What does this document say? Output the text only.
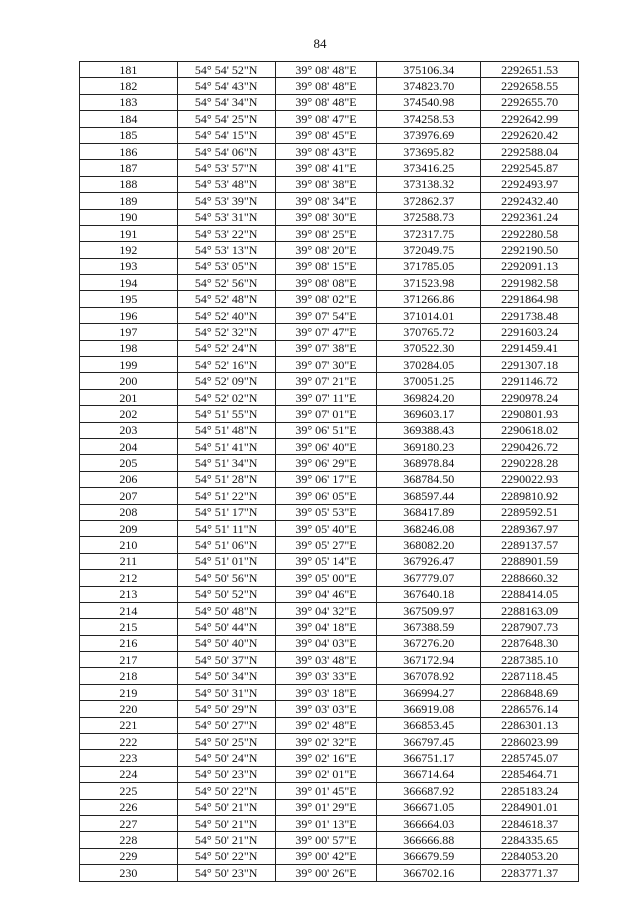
84
181	54° 54' 52"N	39° 08' 48"E	375106.34	2292651.53
182	54° 54' 43"N	39° 08' 48"E	374823.70	2292658.55
183	54° 54' 34"N	39° 08' 48"E	374540.98	2292655.70
184	54° 54' 25"N	39° 08' 47"E	374258.53	2292642.99
185	54° 54' 15"N	39° 08' 45"E	373976.69	2292620.42
186	54° 54' 06"N	39° 08' 43"E	373695.82	2292588.04
187	54° 53' 57"N	39° 08' 41"E	373416.25	2292545.87
188	54° 53' 48"N	39° 08' 38"E	373138.32	2292493.97
189	54° 53' 39"N	39° 08' 34"E	372862.37	2292432.40
190	54° 53' 31"N	39° 08' 30"E	372588.73	2292361.24
191	54° 53' 22"N	39° 08' 25"E	372317.75	2292280.58
192	54° 53' 13"N	39° 08' 20"E	372049.75	2292190.50
193	54° 53' 05"N	39° 08' 15"E	371785.05	2292091.13
194	54° 52' 56"N	39° 08' 08"E	371523.98	2291982.58
195	54° 52' 48"N	39° 08' 02"E	371266.86	2291864.98
196	54° 52' 40"N	39° 07' 54"E	371014.01	2291738.48
197	54° 52' 32"N	39° 07' 47"E	370765.72	2291603.24
198	54° 52' 24"N	39° 07' 38"E	370522.30	2291459.41
199	54° 52' 16"N	39° 07' 30"E	370284.05	2291307.18
200	54° 52' 09"N	39° 07' 21"E	370051.25	2291146.72
201	54° 52' 02"N	39° 07' 11"E	369824.20	2290978.24
202	54° 51' 55"N	39° 07' 01"E	369603.17	2290801.93
203	54° 51' 48"N	39° 06' 51"E	369388.43	2290618.02
204	54° 51' 41"N	39° 06' 40"E	369180.23	2290426.72
205	54° 51' 34"N	39° 06' 29"E	368978.84	2290228.28
206	54° 51' 28"N	39° 06' 17"E	368784.50	2290022.93
207	54° 51' 22"N	39° 06' 05"E	368597.44	2289810.92
208	54° 51' 17"N	39° 05' 53"E	368417.89	2289592.51
209	54° 51' 11"N	39° 05' 40"E	368246.08	2289367.97
210	54° 51' 06"N	39° 05' 27"E	368082.20	2289137.57
211	54° 51' 01"N	39° 05' 14"E	367926.47	2288901.59
212	54° 50' 56"N	39° 05' 00"E	367779.07	2288660.32
213	54° 50' 52"N	39° 04' 46"E	367640.18	2288414.05
214	54° 50' 48"N	39° 04' 32"E	367509.97	2288163.09
215	54° 50' 44"N	39° 04' 18"E	367388.59	2287907.73
216	54° 50' 40"N	39° 04' 03"E	367276.20	2287648.30
217	54° 50' 37"N	39° 03' 48"E	367172.94	2287385.10
218	54° 50' 34"N	39° 03' 33"E	367078.92	2287118.45
219	54° 50' 31"N	39° 03' 18"E	366994.27	2286848.69
220	54° 50' 29"N	39° 03' 03"E	366919.08	2286576.14
221	54° 50' 27"N	39° 02' 48"E	366853.45	2286301.13
222	54° 50' 25"N	39° 02' 32"E	366797.45	2286023.99
223	54° 50' 24"N	39° 02' 16"E	366751.17	2285745.07
224	54° 50' 23"N	39° 02' 01"E	366714.64	2285464.71
225	54° 50' 22"N	39° 01' 45"E	366687.92	2285183.24
226	54° 50' 21"N	39° 01' 29"E	366671.05	2284901.01
227	54° 50' 21"N	39° 01' 13"E	366664.03	2284618.37
228	54° 50' 21"N	39° 00' 57"E	366666.88	2284335.65
229	54° 50' 22"N	39° 00' 42"E	366679.59	2284053.20
230	54° 50' 23"N	39° 00' 26"E	366702.16	2283771.37
